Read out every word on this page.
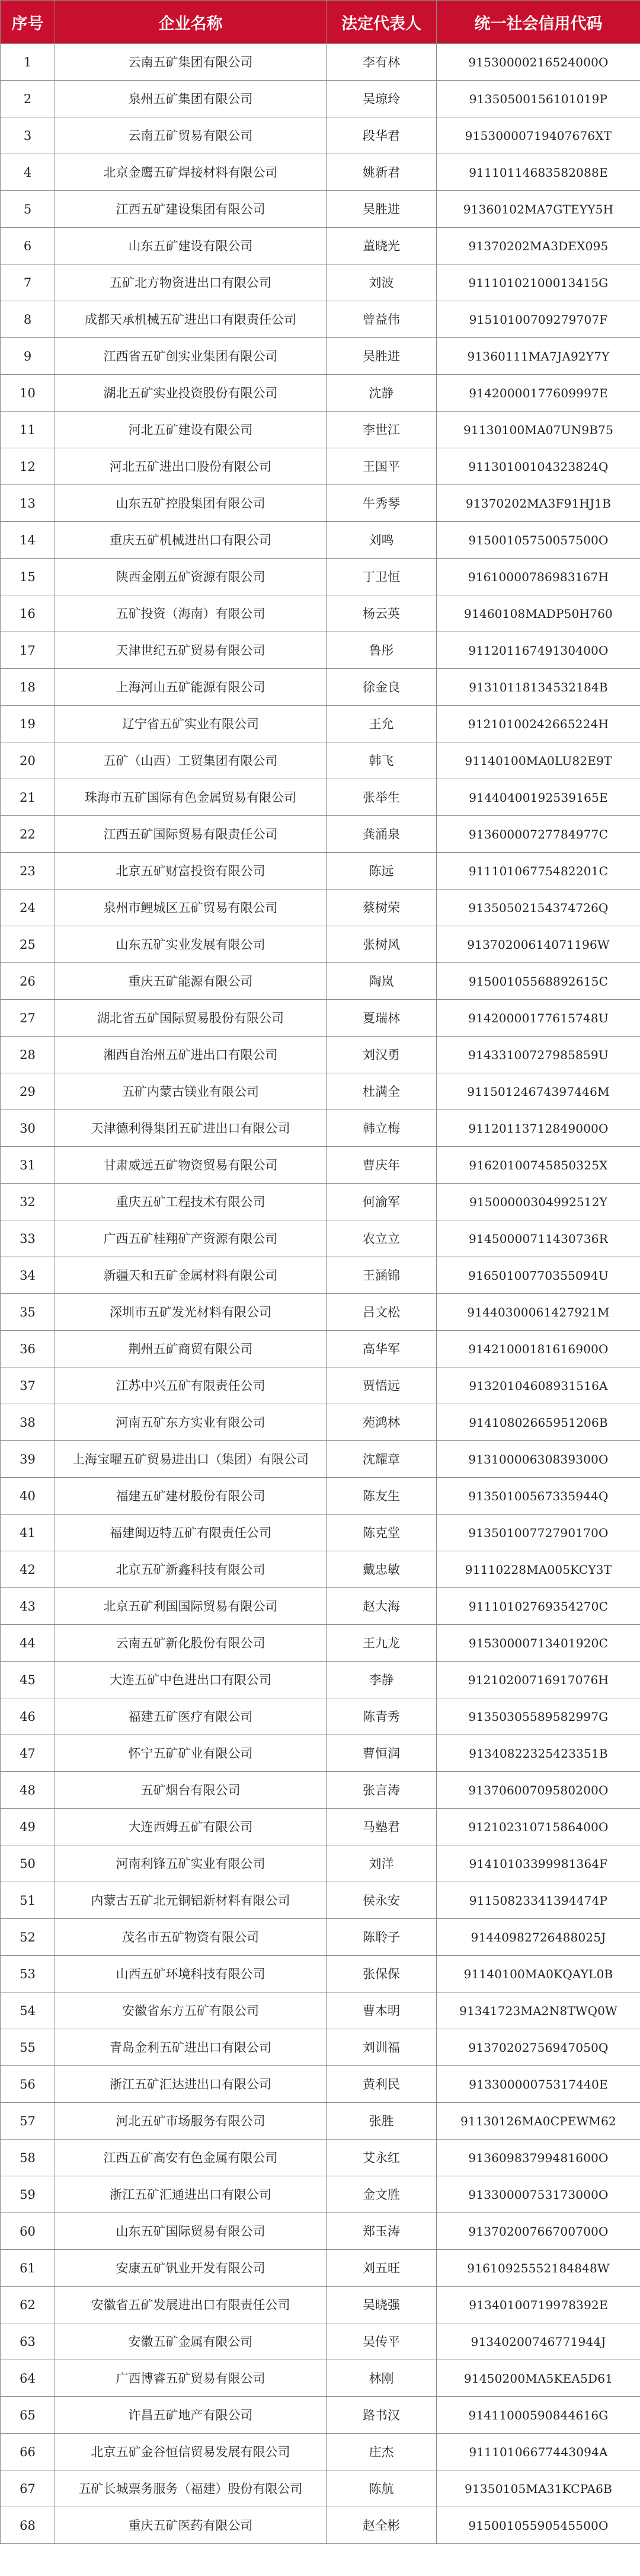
序号	企业名称	法定代表人	统一社会信用代码
1	云南五矿集团有限公司	李有林	91530000216524000O
2	泉州五矿集团有限公司	吴琼玲	91350500156101019P
3	云南五矿贸易有限公司	段华君	91530000719407676XT
4	北京金鹰五矿焊接材料有限公司	姚新君	91110114683582088E
5	江西五矿建设集团有限公司	吴胜进	91360102MA7GTEYY5H
6	山东五矿建设有限公司	董晓光	91370202MA3DEX095
7	五矿北方物资进出口有限公司	刘波	91110102100013415G
8	成都天承机械五矿进出口有限责任公司	曾益伟	91510100709279707F
9	江西省五矿创实业集团有限公司	吴胜进	91360111MA7JA92Y7Y
10	湖北五矿实业投资股份有限公司	沈静	91420000177609997E
11	河北五矿建设有限公司	李世江	91130100MA07UN9B75
12	河北五矿进出口股份有限公司	王国平	91130100104323824Q
13	山东五矿控股集团有限公司	牛秀琴	91370202MA3F91HJ1B
14	重庆五矿机械进出口有限公司	刘鸣	91500105750057500O
15	陕西金刚五矿资源有限公司	丁卫恒	91610000786983167H
16	五矿投资（海南）有限公司	杨云英	91460108MADP50H760
17	天津世纪五矿贸易有限公司	鲁彤	91120116749130400O
18	上海河山五矿能源有限公司	徐金良	91310118134532184B
19	辽宁省五矿实业有限公司	王允	91210100242665224H
20	五矿（山西）工贸集团有限公司	韩飞	91140100MA0LU82E9T
21	珠海市五矿国际有色金属贸易有限公司	张举生	91440400192539165E
22	江西五矿国际贸易有限责任公司	龚涌泉	91360000727784977C
23	北京五矿财富投资有限公司	陈远	91110106775482201C
24	泉州市鲤城区五矿贸易有限公司	蔡树荣	91350502154374726Q
25	山东五矿实业发展有限公司	张树风	91370200614071196W
26	重庆五矿能源有限公司	陶岚	91500105568892615C
27	湖北省五矿国际贸易股份有限公司	夏瑞林	91420000177615748U
28	湘西自治州五矿进出口有限公司	刘汉勇	91433100727985859U
29	五矿内蒙古镁业有限公司	杜满全	91150124674397446M
30	天津德利得集团五矿进出口有限公司	韩立梅	91120113712849000O
31	甘肃威远五矿物资贸易有限公司	曹庆年	91620100745850325X
32	重庆五矿工程技术有限公司	何渝军	91500000304992512Y
33	广西五矿桂翔矿产资源有限公司	农立立	91450000711430736R
34	新疆天和五矿金属材料有限公司	王涵锦	91650100770355094U
35	深圳市五矿发光材料有限公司	吕文松	91440300061427921M
36	荆州五矿商贸有限公司	高华军	91421000181616900O
37	江苏中兴五矿有限责任公司	贾悟远	91320104608931516A
38	河南五矿东方实业有限公司	苑鸿林	91410802665951206B
39	上海宝曜五矿贸易进出口（集团）有限公司	沈耀章	91310000630839300O
40	福建五矿建材股份有限公司	陈友生	91350100567335944Q
41	福建闽迈特五矿有限责任公司	陈克堂	91350100772790170O
42	北京五矿新鑫科技有限公司	戴忠敏	91110228MA005KCY3T
43	北京五矿利国国际贸易有限公司	赵大海	91110102769354270C
44	云南五矿新化股份有限公司	王九龙	91530000713401920C
45	大连五矿中色进出口有限公司	李静	91210200716917076H
46	福建五矿医疗有限公司	陈青秀	91350305589582997G
47	怀宁五矿矿业有限公司	曹恒润	91340822325423351B
48	五矿烟台有限公司	张言涛	91370600709580200O
49	大连西姆五矿有限公司	马塾君	91210231071586400O
50	河南利锋五矿实业有限公司	刘洋	91410103399981364F
51	内蒙古五矿北元铜铝新材料有限公司	侯永安	91150823341394474P
52	茂名市五矿物资有限公司	陈聆子	91440982726488025J
53	山西五矿环境科技有限公司	张保保	91140100MA0KQAYL0B
54	安徽省东方五矿有限公司	曹本明	91341723MA2N8TWQ0W
55	青岛金利五矿进出口有限公司	刘训福	91370202756947050Q
56	浙江五矿汇达进出口有限公司	黄利民	91330000075317440E
57	河北五矿市场服务有限公司	张胜	91130126MA0CPEWM62
58	江西五矿高安有色金属有限公司	艾永红	91360983799481600O
59	浙江五矿汇通进出口有限公司	金文胜	91330000753173000O
60	山东五矿国际贸易有限公司	郑玉涛	91370200766700700O
61	安康五矿钒业开发有限公司	刘五旺	91610925552184848W
62	安徽省五矿发展进出口有限责任公司	吴晓强	91340100719978392E
63	安徽五矿金属有限公司	吴传平	91340200746771944J
64	广西博睿五矿贸易有限公司	林刚	91450200MA5KEA5D61
65	许昌五矿地产有限公司	路书汉	91411000590844616G
66	北京五矿金谷恒信贸易发展有限公司	庄杰	91110106677443094A
67	五矿长城票务服务（福建）股份有限公司	陈航	91350105MA31KCPA6B
68	重庆五矿医药有限公司	赵全彬	91500105590545500O
